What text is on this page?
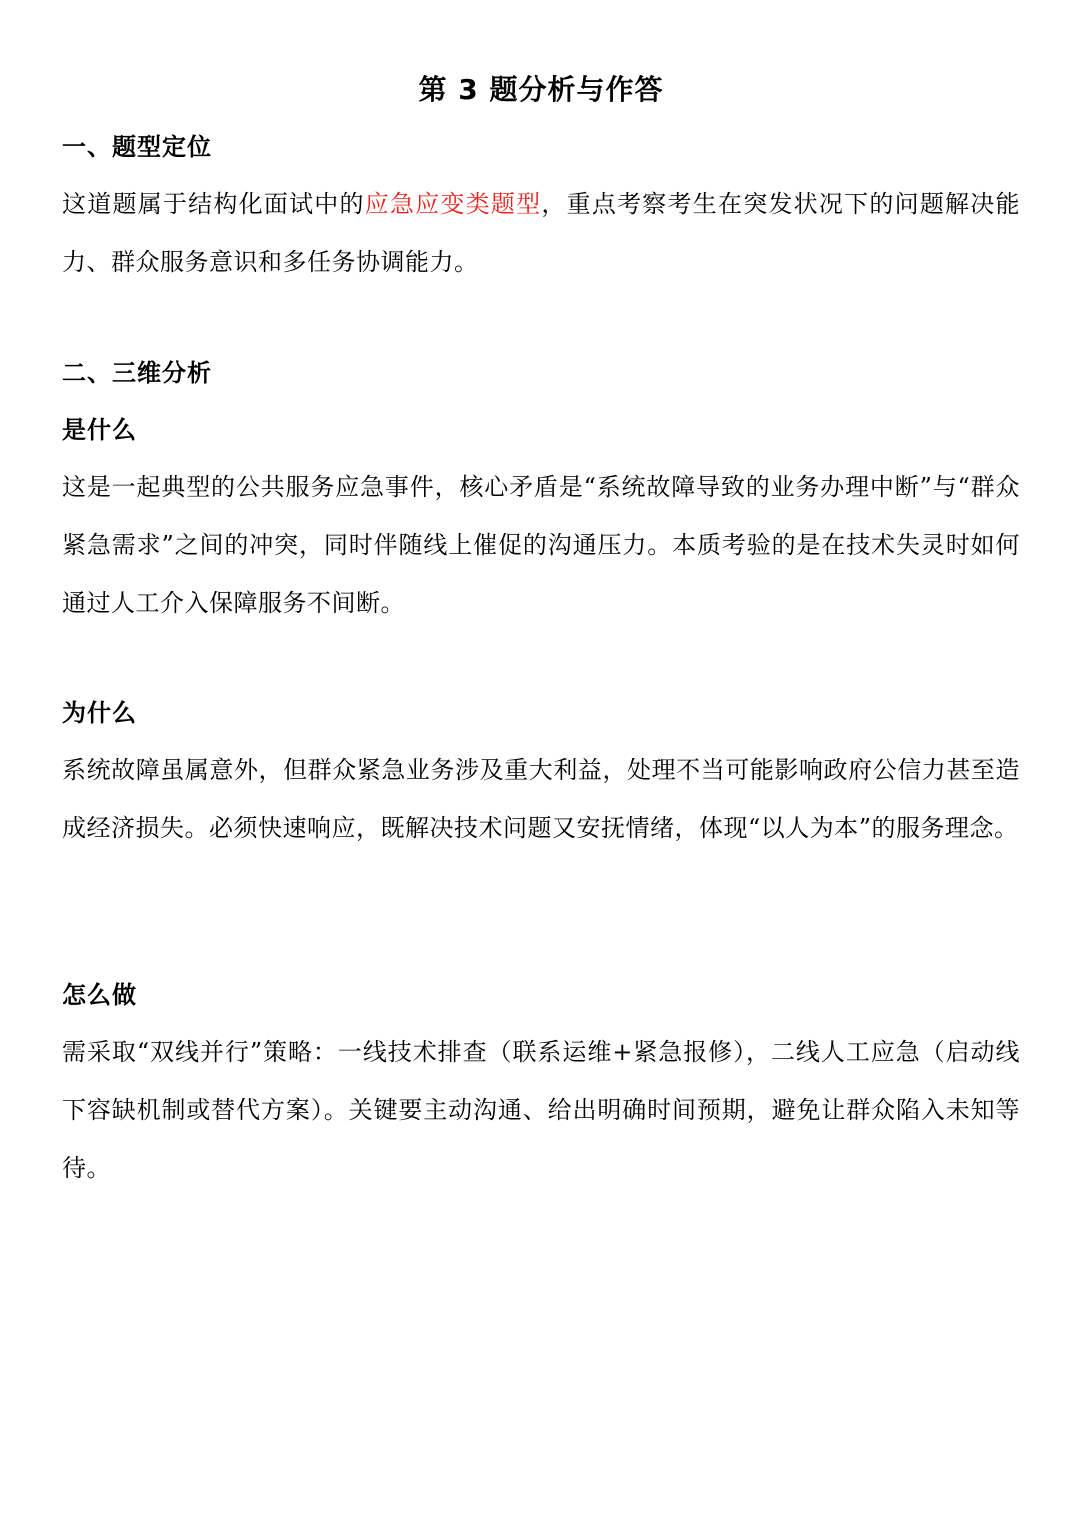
第 3 题分析与作答
一、题型定位
这道题属于结构化面试中的应急应变类题型，重点考察考生在突发状况下的问题解决能力、群众服务意识和多任务协调能力。
二、三维分析
是什么
这是一起典型的公共服务应急事件，核心矛盾是“系统故障导致的业务办理中断”与“群众紧急需求”之间的冲突，同时伴随线上催促的沟通压力。本质考验的是在技术失灵时如何通过人工介入保障服务不间断。
为什么
系统故障虽属意外，但群众紧急业务涉及重大利益，处理不当可能影响政府公信力甚至造成经济损失。必须快速响应，既解决技术问题又安抚情绪，体现“以人为本”的服务理念。
怎么做
需采取“双线并行”策略：一线技术排查（联系运维+紧急报修），二线人工应急（启动线下容缺机制或替代方案）。关键要主动沟通、给出明确时间预期，避免让群众陷入未知等待。
